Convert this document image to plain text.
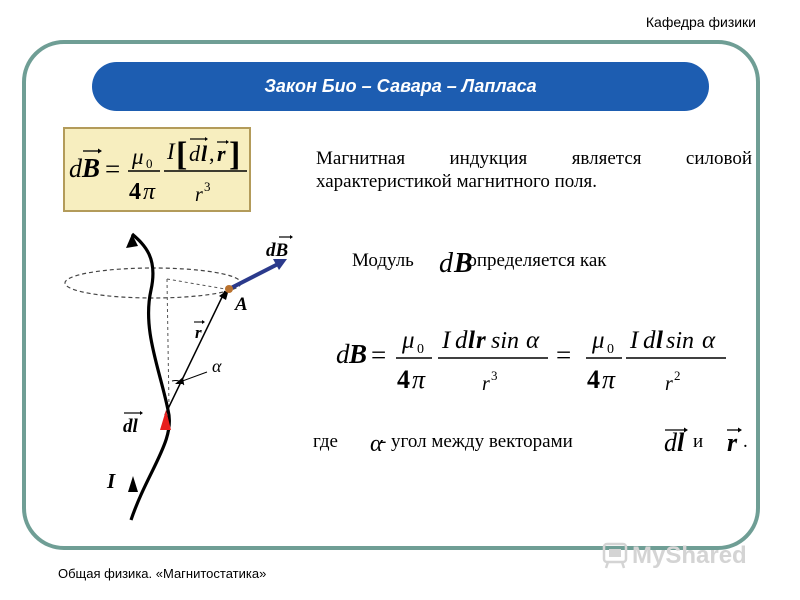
Кафедра физики
Закон Био – Савара – Лапласа
d B = μ 0
4 π
I [ d l , r ]
r 3
Магнитная индукция является силовой характеристикой магнитного поля.
Модуль	определяется как
d B
d B = μ 0
4 π
I d l r sin α
r 3
= μ 0
4 π
I d l sin α
r 2
где - угол между векторами	и .
α	d l r
dB
A
r
α
dl
I
Общая физика. «Магнитостатика»
MyShared
